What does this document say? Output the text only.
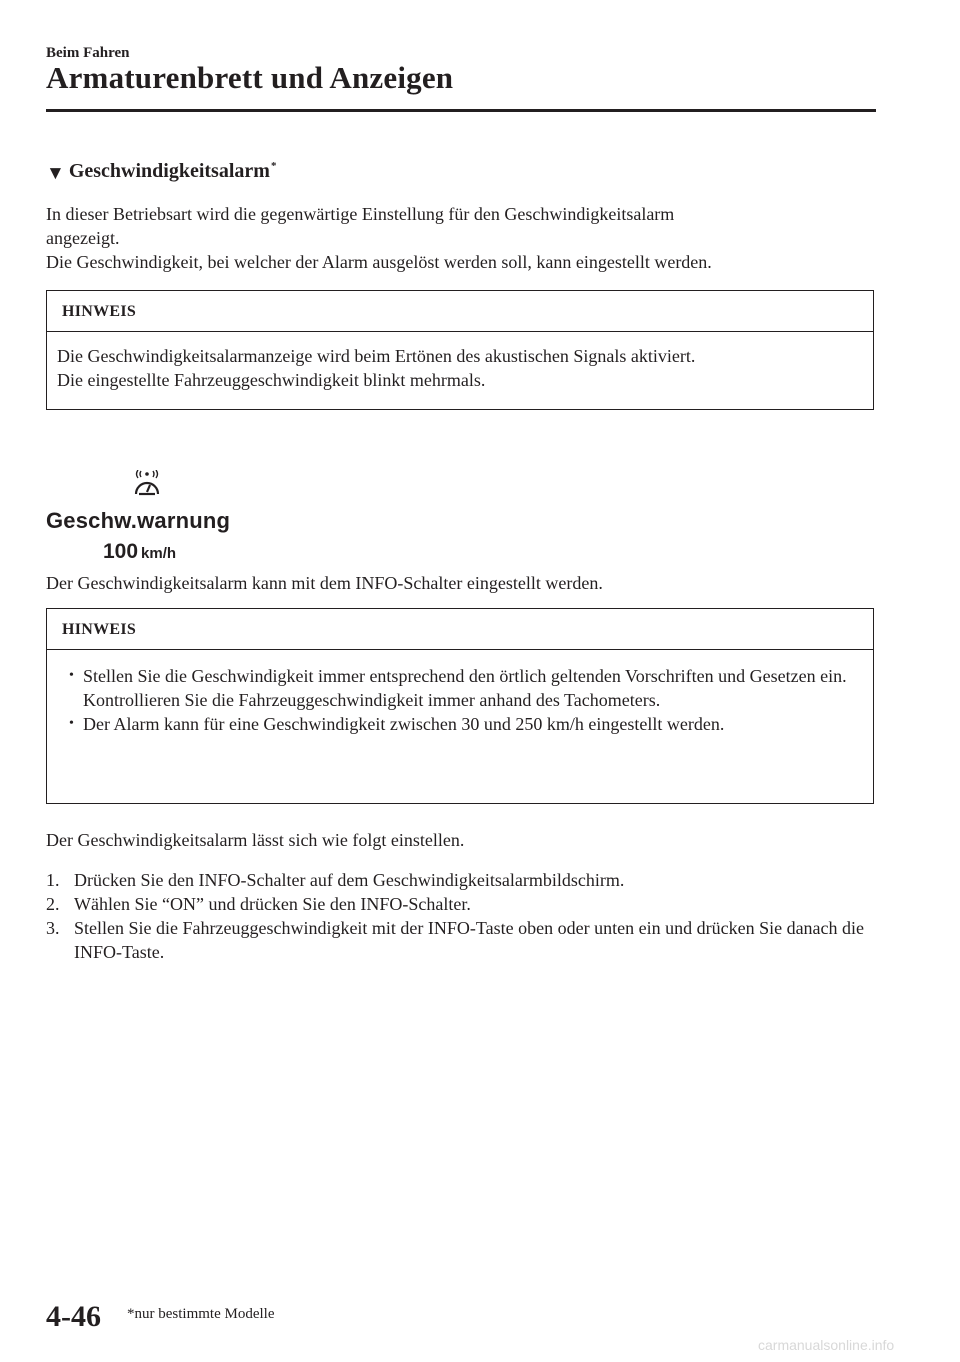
Beim Fahren
Armaturenbrett und Anzeigen
▼ Geschwindigkeitsalarm*
In dieser Betriebsart wird die gegenwärtige Einstellung für den Geschwindigkeitsalarm
angezeigt.
Die Geschwindigkeit, bei welcher der Alarm ausgelöst werden soll, kann eingestellt werden.
HINWEIS
Die Geschwindigkeitsalarmanzeige wird beim Ertönen des akustischen Signals aktiviert.
Die eingestellte Fahrzeuggeschwindigkeit blinkt mehrmals.
Geschw.warnung
100 km/h
Der Geschwindigkeitsalarm kann mit dem INFO-Schalter eingestellt werden.
HINWEIS
• Stellen Sie die Geschwindigkeit immer entsprechend den örtlich geltenden Vorschriften und Gesetzen ein. Kontrollieren Sie die Fahrzeuggeschwindigkeit immer anhand des Tachometers.
• Der Alarm kann für eine Geschwindigkeit zwischen 30 und 250 km/h eingestellt werden.
Der Geschwindigkeitsalarm lässt sich wie folgt einstellen.
1. Drücken Sie den INFO-Schalter auf dem Geschwindigkeitsalarmbildschirm.
2. Wählen Sie “ON” und drücken Sie den INFO-Schalter.
3. Stellen Sie die Fahrzeuggeschwindigkeit mit der INFO-Taste oben oder unten ein und drücken Sie danach die INFO-Taste.
4-46 *nur bestimmte Modelle
carmanualsonline.info
